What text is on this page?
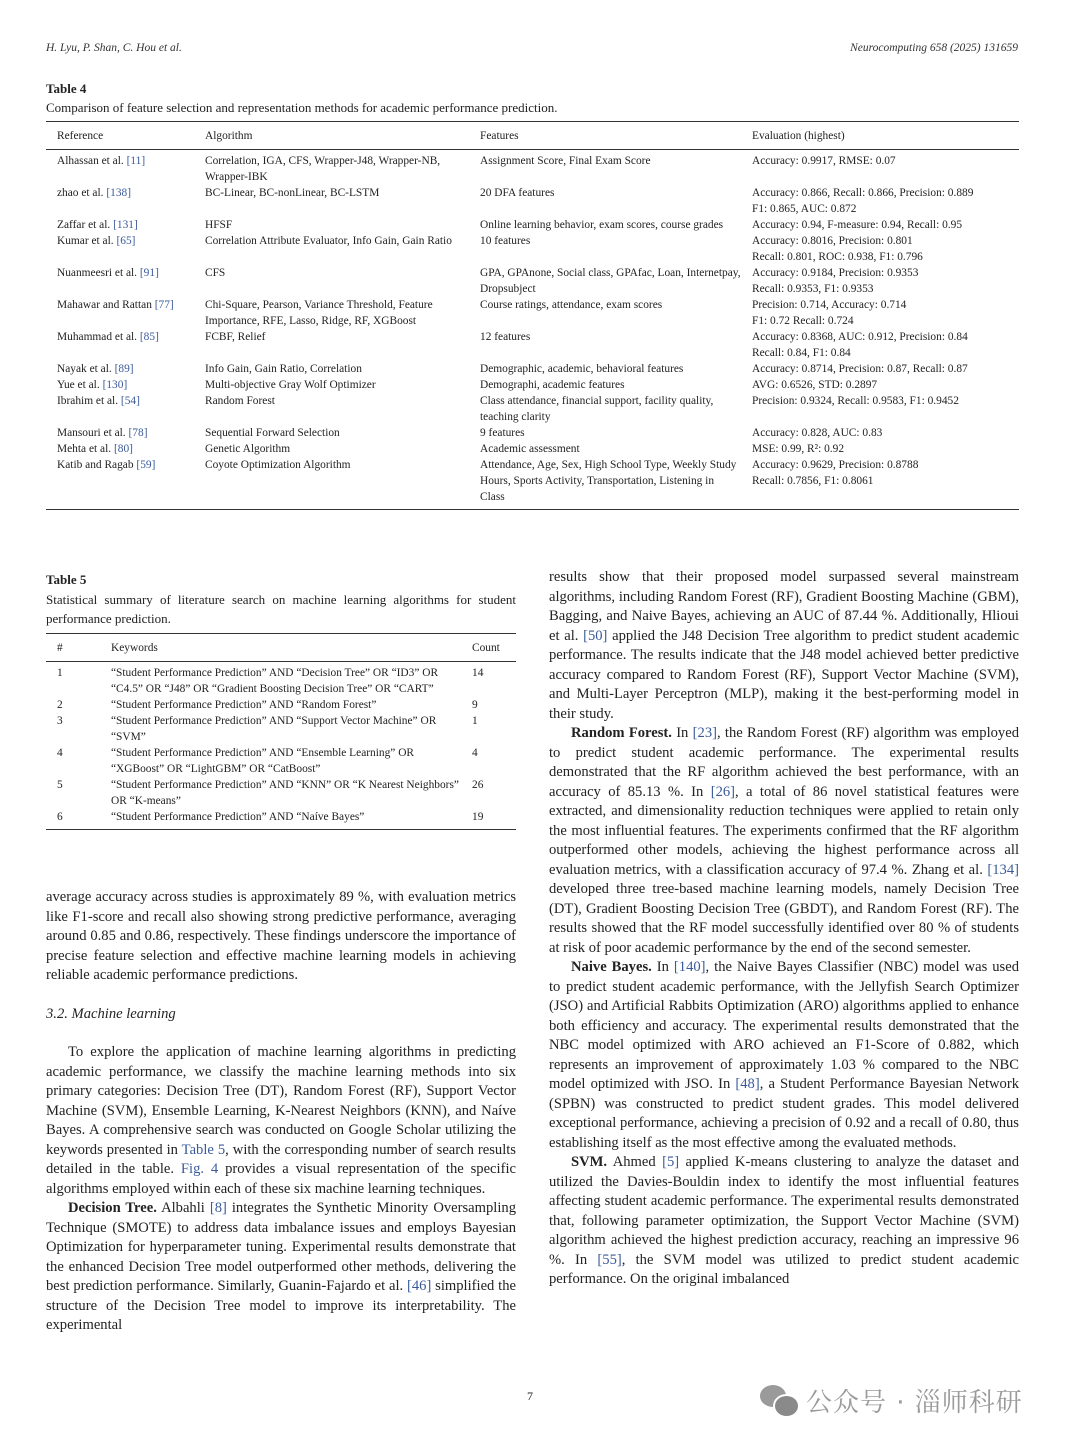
H. Lyu, P. Shan, C. Hou et al.	Neurocomputing 658 (2025) 131659
Table 4
Comparison of feature selection and representation methods for academic performance prediction.
Reference	Algorithm	Features	Evaluation (highest)
Alhassan et al. [11]	Correlation, IGA, CFS, Wrapper-J48, Wrapper-NB, Wrapper-IBK	Assignment Score, Final Exam Score	Accuracy: 0.9917, RMSE: 0.07

zhao et al. [138]	BC-Linear, BC-nonLinear, BC-LSTM	20 DFA features	Accuracy: 0.866, Recall: 0.866, Precision: 0.889
F1: 0.865, AUC: 0.872

Zaffar et al. [131]	HFSF	Online learning behavior, exam scores, course grades	Accuracy: 0.94, F-measure: 0.94, Recall: 0.95

Kumar et al. [65]	Correlation Attribute Evaluator, Info Gain, Gain Ratio	10 features	Accuracy: 0.8016, Precision: 0.801
Recall: 0.801, ROC: 0.938, F1: 0.796

Nuanmeesri et al. [91]	CFS	GPA, GPAnone, Social class, GPAfac, Loan, Internetpay, Dropsubject	Accuracy: 0.9184, Precision: 0.9353
Recall: 0.9353, F1: 0.9353

Mahawar and Rattan [77]	Chi-Square, Pearson, Variance Threshold, Feature Importance, RFE, Lasso, Ridge, RF, XGBoost	Course ratings, attendance, exam scores	Precision: 0.714, Accuracy: 0.714
F1: 0.72 Recall: 0.724

Muhammad et al. [85]	FCBF, Relief	12 features	Accuracy: 0.8368, AUC: 0.912, Precision: 0.84
Recall: 0.84, F1: 0.84

Nayak et al. [89]	Info Gain, Gain Ratio, Correlation	Demographic, academic, behavioral features	Accuracy: 0.8714, Precision: 0.87, Recall: 0.87

Yue et al. [130]	Multi-objective Gray Wolf Optimizer	Demographi, academic features	AVG: 0.6526, STD: 0.2897

Ibrahim et al. [54]	Random Forest	Class attendance, financial support, facility quality, teaching clarity	Precision: 0.9324, Recall: 0.9583, F1: 0.9452

Mansouri et al. [78]	Sequential Forward Selection	9 features	Accuracy: 0.828, AUC: 0.83

Mehta et al. [80]	Genetic Algorithm	Academic assessment	MSE: 0.99, R²: 0.92

Katib and Ragab [59]	Coyote Optimization Algorithm	Attendance, Age, Sex, High School Type, Weekly Study Hours, Sports Activity, Transportation, Listening in Class	Accuracy: 0.9629, Precision: 0.8788
Recall: 0.7856, F1: 0.8061
Table 5
Statistical summary of literature search on machine learning algorithms for student performance prediction.
#	Keywords	Count
1	“Student Performance Prediction” AND “Decision Tree” OR “ID3” OR “C4.5” OR “J48” OR “Gradient Boosting Decision Tree” OR “CART”	14
2	“Student Performance Prediction” AND “Random Forest”	9
3	“Student Performance Prediction” AND “Support Vector Machine” OR “SVM”	1
4	“Student Performance Prediction” AND “Ensemble Learning” OR “XGBoost” OR “LightGBM” OR “CatBoost”	4
5	“Student Performance Prediction” AND “KNN” OR “K Nearest Neighbors” OR “K-means”	26
6	“Student Performance Prediction” AND “Naíve Bayes”	19

average accuracy across studies is approximately 89 %, with evaluation metrics like F1-score and recall also showing strong predictive performance, averaging around 0.85 and 0.86, respectively. These findings underscore the importance of precise feature selection and effective machine learning models in achieving reliable academic performance predictions.

3.2. Machine learning

To explore the application of machine learning algorithms in predicting academic performance, we classify the machine learning methods into six primary categories: Decision Tree (DT), Random Forest (RF), Support Vector Machine (SVM), Ensemble Learning, K-Nearest Neighbors (KNN), and Naíve Bayes. A comprehensive search was conducted on Google Scholar utilizing the keywords presented in Table 5, with the corresponding number of search results detailed in the table. Fig. 4 provides a visual representation of the specific algorithms employed within each of these six machine learning techniques.

Decision Tree. Albahli [8] integrates the Synthetic Minority Oversampling Technique (SMOTE) to address data imbalance issues and employs Bayesian Optimization for hyperparameter tuning. Experimental results demonstrate that the enhanced Decision Tree model outperformed other methods, delivering the best prediction performance. Similarly, Guanin-Fajardo et al. [46] simplified the structure of the Decision Tree model to improve its interpretability. The experimental

results show that their proposed model surpassed several mainstream algorithms, including Random Forest (RF), Gradient Boosting Machine (GBM), Bagging, and Naive Bayes, achieving an AUC of 87.44 %. Additionally, Hlioui et al. [50] applied the J48 Decision Tree algorithm to predict student academic performance. The results indicate that the J48 model achieved better predictive accuracy compared to Random Forest (RF), Support Vector Machine (SVM), and Multi-Layer Perceptron (MLP), making it the best-performing model in their study.

Random Forest. In [23], the Random Forest (RF) algorithm was employed to predict student academic performance. The experimental results demonstrated that the RF algorithm achieved the best performance, with an accuracy of 85.13 %. In [26], a total of 86 novel statistical features were extracted, and dimensionality reduction techniques were applied to retain only the most influential features. The experiments confirmed that the RF algorithm outperformed other models, achieving the highest performance across all evaluation metrics, with a classification accuracy of 97.4 %. Zhang et al. [134] developed three tree-based machine learning models, namely Decision Tree (DT), Gradient Boosting Decision Tree (GBDT), and Random Forest (RF). The results showed that the RF model successfully identified over 80 % of students at risk of poor academic performance by the end of the second semester.

Naive Bayes. In [140], the Naive Bayes Classifier (NBC) model was used to predict student academic performance, with the Jellyfish Search Optimizer (JSO) and Artificial Rabbits Optimization (ARO) algorithms applied to enhance both efficiency and accuracy. The experimental results demonstrated that the NBC model optimized with ARO achieved an F1-Score of 0.882, which represents an improvement of approximately 1.03 % compared to the NBC model optimized with JSO. In [48], a Student Performance Bayesian Network (SPBN) was constructed to predict student grades. This model delivered exceptional performance, achieving a precision of 0.92 and a recall of 0.80, thus establishing itself as the most effective among the evaluated methods.

SVM. Ahmed [5] applied K-means clustering to analyze the dataset and utilized the Davies-Bouldin index to identify the most influential features affecting student academic performance. The experimental results demonstrated that, following parameter optimization, the Support Vector Machine (SVM) algorithm achieved the highest prediction accuracy, reaching an impressive 96 %. In [55], the SVM model was utilized to predict student academic performance. On the original imbalanced

7	公众号 · 淄师科研
